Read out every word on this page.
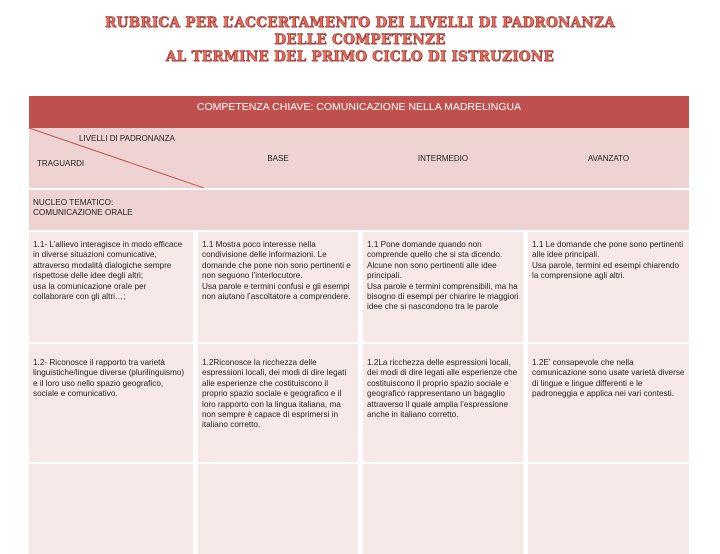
RUBRICA PER L’ACCERTAMENTO DEI LIVELLI DI PADRONANZA
DELLE COMPETENZE
AL TERMINE DEL PRIMO CICLO DI ISTRUZIONE
COMPETENZA CHIAVE: COMUNICAZIONE NELLA MADRELINGUA
LIVELLI DI PADRONANZA
TRAGUARDI
BASE	INTERMEDIO	AVANZATO
NUCLEO TEMATICO:
COMUNICAZIONE ORALE
1.1- L’allievo interagisce in modo efficace in diverse situazioni comunicative, attraverso modalità dialogiche sempre rispettose delle idee degli altri;
usa la comunicazione orale per collaborare con gli altri…;
1.1 Mostra poco interesse nella condivisione delle informazioni. Le domande che pone non sono pertinenti e non seguono l’interlocutore.
Usa parole e termini confusi e gli esempi non aiutano l’ascoltatore a comprendere.
1.1 Pone domande quando non comprende quello che si sta dicendo. Alcune non sono pertinenti alle idee principali.
Usa parole e termini comprensibili, ma ha bisogno di esempi per chiarire le maggiori idee che si nascondono tra le parole
1.1 Le domande che pone sono pertinenti alle idee principali.
Usa parole, termini ed esempi chiarendo la comprensione agli altri.
1.2- Riconosce il rapporto tra varietà linguistiche/lingue diverse (plurilinguismo) e il loro uso nello spazio geografico, sociale e comunicativo.
1.2Riconosce la ricchezza delle espressioni locali, dei modi di dire legati alle esperienze che costituiscono il proprio spazio sociale e geografico e il loro rapporto con la lingua italiana, ma non sempre è capace di esprimersi in italiano corretto.
1.2La ricchezza delle espressioni locali, dei modi di dire legati alle esperienze che costituiscono il proprio spazio sociale e geografico rappresentano un bagaglio attraverso il quale amplia l’espressione anche in italiano corretto.
1.2E’ consapevole che nella comunicazione sono usate varietà diverse di lingue e lingue differenti e le padroneggia e applica nei vari contesti.
